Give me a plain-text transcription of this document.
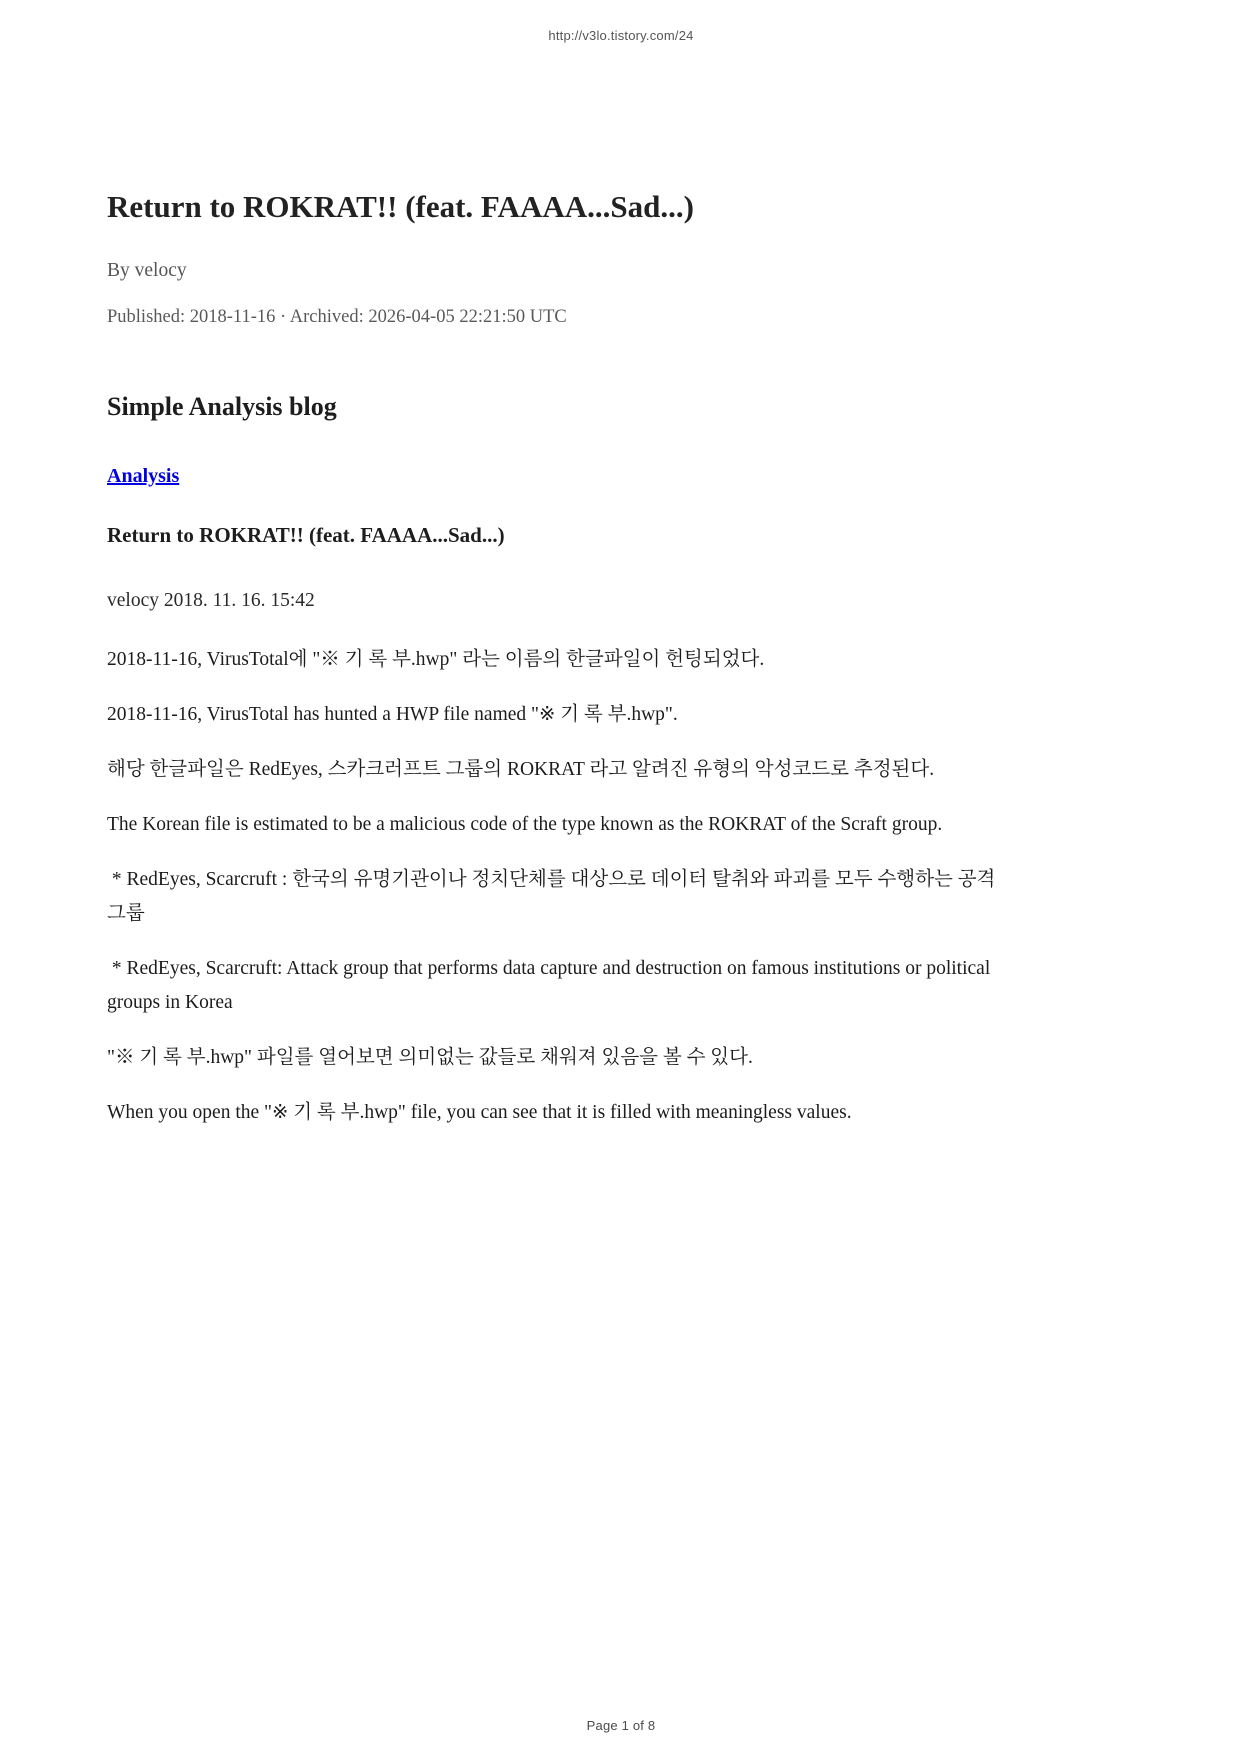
http://v3lo.tistory.com/24
Return to ROKRAT!! (feat. FAAAA...Sad...)

By velocy

Published: 2018-11-16 · Archived: 2026-04-05 22:21:50 UTC

Simple Analysis blog

Analysis

Return to ROKRAT!! (feat. FAAAA...Sad...)

velocy 2018. 11. 16. 15:42

2018-11-16, VirusTotal에 "※ 기 록 부.hwp" 라는 이름의 한글파일이 헌팅되었다.

2018-11-16, VirusTotal has hunted a HWP file named "※ 기 록 부.hwp".

해당 한글파일은 RedEyes, 스카크러프트 그룹의 ROKRAT 라고 알려진 유형의 악성코드로 추정된다.

The Korean file is estimated to be a malicious code of the type known as the ROKRAT of the Scraft group.

* RedEyes, Scarcruft : 한국의 유명기관이나 정치단체를 대상으로 데이터 탈취와 파괴를 모두 수행하는 공격 그룹

* RedEyes, Scarcruft: Attack group that performs data capture and destruction on famous institutions or political groups in Korea

"※ 기 록 부.hwp" 파일를 열어보면 의미없는 값들로 채워져 있음을 볼 수 있다.

When you open the "※ 기 록 부.hwp" file, you can see that it is filled with meaningless values.

Page 1 of 8
